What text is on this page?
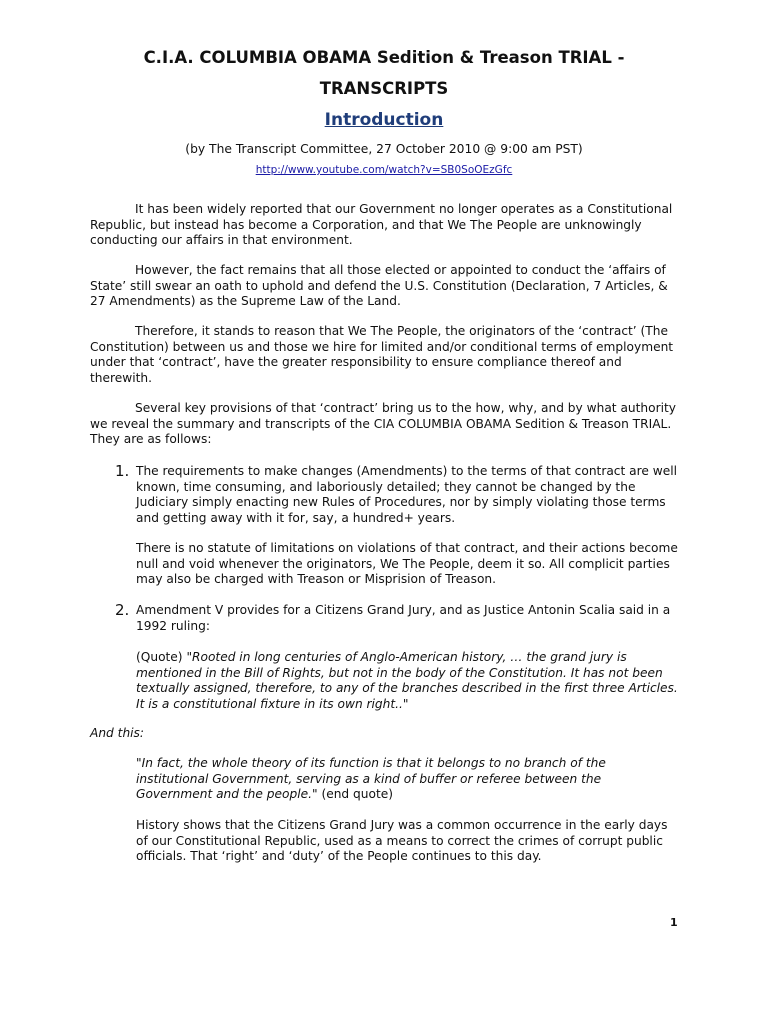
C.I.A. COLUMBIA OBAMA Sedition & Treason TRIAL -
TRANSCRIPTS
Introduction
(by The Transcript Committee, 27 October 2010 @ 9:00 am PST)
http://www.youtube.com/watch?v=SB0SoOEzGfc

It has been widely reported that our Government no longer operates as a Constitutional Republic, but instead has become a Corporation, and that We The People are unknowingly conducting our affairs in that environment.

However, the fact remains that all those elected or appointed to conduct the ‘affairs of State’ still swear an oath to uphold and defend the U.S. Constitution (Declaration, 7 Articles, & 27 Amendments) as the Supreme Law of the Land.

Therefore, it stands to reason that We The People, the originators of the ‘contract’ (The Constitution) between us and those we hire for limited and/or conditional terms of employment under that ‘contract’, have the greater responsibility to ensure compliance thereof and therewith.

Several key provisions of that ‘contract’ bring us to the how, why, and by what authority we reveal the summary and transcripts of the CIA COLUMBIA OBAMA Sedition & Treason TRIAL. They are as follows:

1. The requirements to make changes (Amendments) to the terms of that contract are well known, time consuming, and laboriously detailed; they cannot be changed by the Judiciary simply enacting new Rules of Procedures, nor by simply violating those terms and getting away with it for, say, a hundred+ years.

There is no statute of limitations on violations of that contract, and their actions become null and void whenever the originators, We The People, deem it so. All complicit parties may also be charged with Treason or Misprision of Treason.

2. Amendment V provides for a Citizens Grand Jury, and as Justice Antonin Scalia said in a 1992 ruling:

(Quote) "Rooted in long centuries of Anglo-American history, … the grand jury is mentioned in the Bill of Rights, but not in the body of the Constitution. It has not been textually assigned, therefore, to any of the branches described in the first three Articles. It is a constitutional fixture in its own right.."

And this:

"In fact, the whole theory of its function is that it belongs to no branch of the institutional Government, serving as a kind of buffer or referee between the Government and the people." (end quote)

History shows that the Citizens Grand Jury was a common occurrence in the early days of our Constitutional Republic, used as a means to correct the crimes of corrupt public officials. That ‘right’ and ‘duty’ of the People continues to this day.

1
